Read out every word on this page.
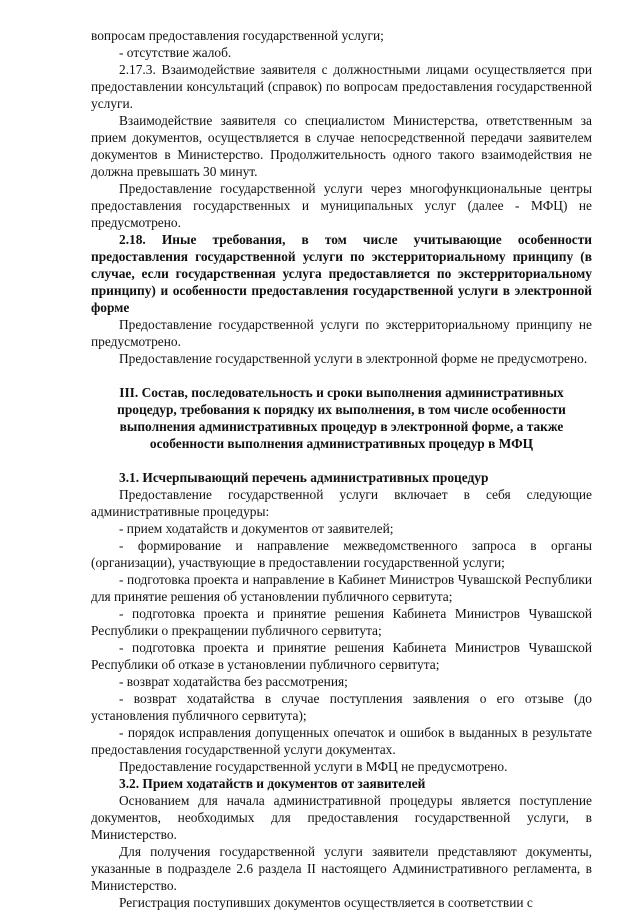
вопросам предоставления государственной услуги;

- отсутствие жалоб.

2.17.3. Взаимодействие заявителя с должностными лицами осуществляется при предоставлении консультаций (справок) по вопросам предоставления государственной услуги.

Взаимодействие заявителя со специалистом Министерства, ответственным за прием документов, осуществляется в случае непосредственной передачи заявителем документов в Министерство. Продолжительность одного такого взаимодействия не должна превышать 30 минут.

Предоставление государственной услуги через многофункциональные центры предоставления государственных и муниципальных услуг (далее - МФЦ) не предусмотрено.

2.18. Иные требования, в том числе учитывающие особенности предоставления государственной услуги по экстерриториальному принципу (в случае, если государственная услуга предоставляется по экстерриториальному принципу) и особенности предоставления государственной услуги в электронной форме

Предоставление государственной услуги по экстерриториальному принципу не предусмотрено.

Предоставление государственной услуги в электронной форме не предусмотрено.

III. Состав, последовательность и сроки выполнения административных процедур, требования к порядку их выполнения, в том числе особенности выполнения административных процедур в электронной форме, а также особенности выполнения административных процедур в МФЦ

3.1. Исчерпывающий перечень административных процедур

Предоставление государственной услуги включает в себя следующие административные процедуры:

- прием ходатайств и документов от заявителей;

- формирование и направление межведомственного запроса в органы (организации), участвующие в предоставлении государственной услуги;

- подготовка проекта и направление в Кабинет Министров Чувашской Республики для принятие решения об установлении публичного сервитута;

- подготовка проекта и принятие решения Кабинета Министров Чувашской Республики о прекращении публичного сервитута;

- подготовка проекта и принятие решения Кабинета Министров Чувашской Республики об отказе в установлении публичного сервитута;

- возврат ходатайства без рассмотрения;

- возврат ходатайства в случае поступления заявления о его отзыве (до установления публичного сервитута);

- порядок исправления допущенных опечаток и ошибок в выданных в результате предоставления государственной услуги документах.

Предоставление государственной услуги в МФЦ не предусмотрено.

3.2. Прием ходатайств и документов от заявителей

Основанием для начала административной процедуры является поступление документов, необходимых для предоставления государственной услуги, в Министерство.

Для получения государственной услуги заявители представляют документы, указанные в подразделе 2.6 раздела II настоящего Административного регламента, в Министерство.

Регистрация поступивших документов осуществляется в соответствии с
